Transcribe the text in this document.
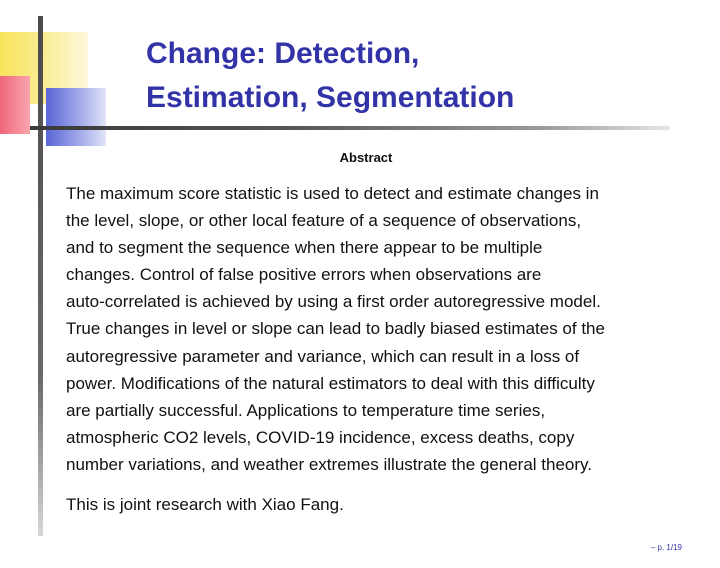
Change: Detection,
Estimation, Segmentation
Abstract
The maximum score statistic is used to detect and estimate changes in
the level, slope, or other local feature of a sequence of observations,
and to segment the sequence when there appear to be multiple
changes. Control of false positive errors when observations are
auto-correlated is achieved by using a first order autoregressive model.
True changes in level or slope can lead to badly biased estimates of the
autoregressive parameter and variance, which can result in a loss of
power. Modifications of the natural estimators to deal with this difficulty
are partially successful. Applications to temperature time series,
atmospheric CO2 levels, COVID-19 incidence, excess deaths, copy
number variations, and weather extremes illustrate the general theory.
This is joint research with Xiao Fang.
– p. 1/19
